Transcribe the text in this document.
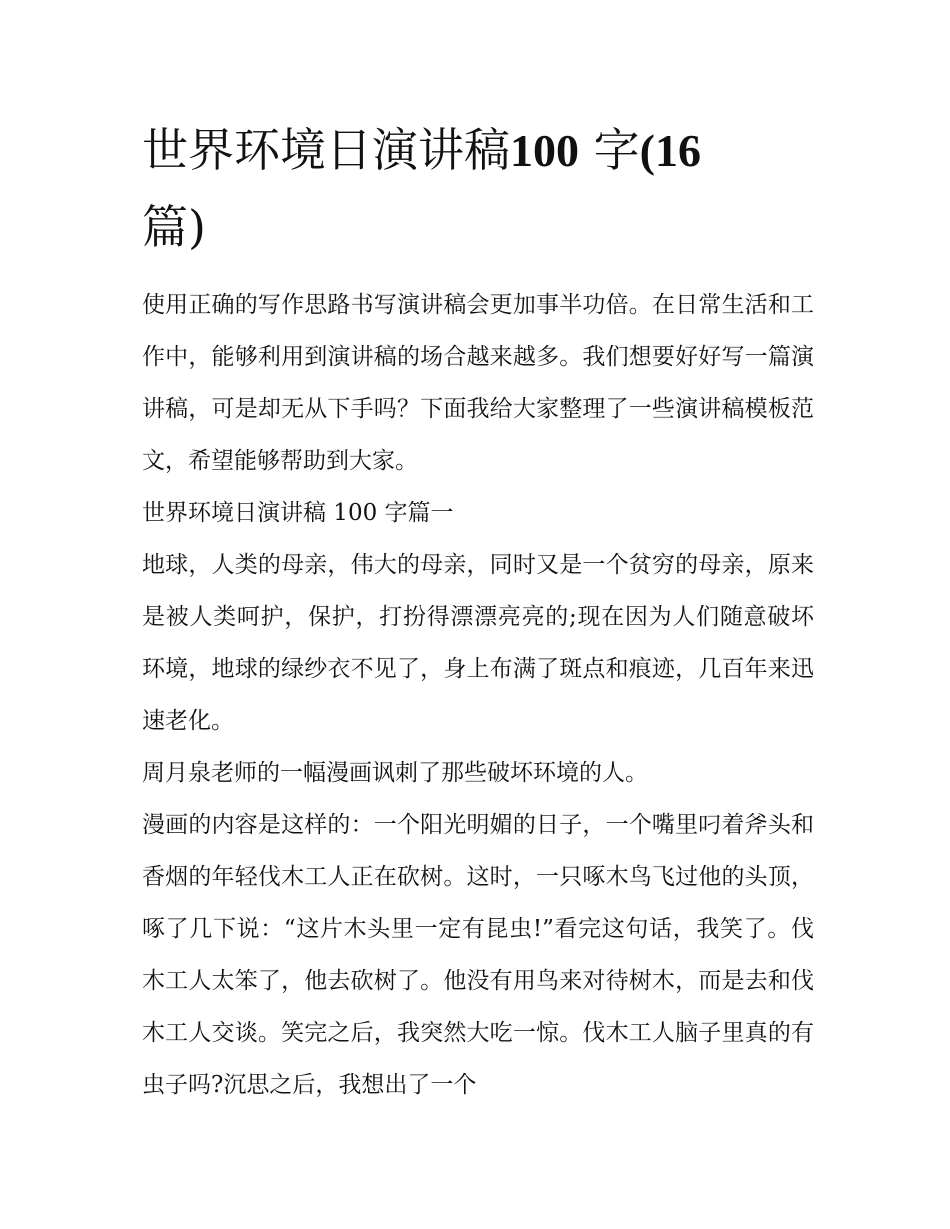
世界环境日演讲稿100 字(16
篇)

使用正确的写作思路书写演讲稿会更加事半功倍。在日常生活和工作中，能够利用到演讲稿的场合越来越多。我们想要好好写一篇演讲稿，可是却无从下手吗？下面我给大家整理了一些演讲稿模板范文，希望能够帮助到大家。

世界环境日演讲稿 100 字篇一

地球，人类的母亲，伟大的母亲，同时又是一个贫穷的母亲，原来是被人类呵护，保护，打扮得漂漂亮亮的;现在因为人们随意破坏环境，地球的绿纱衣不见了，身上布满了斑点和痕迹，几百年来迅速老化。

周月泉老师的一幅漫画讽刺了那些破坏环境的人。

漫画的内容是这样的：一个阳光明媚的日子，一个嘴里叼着斧头和香烟的年轻伐木工人正在砍树。这时，一只啄木鸟飞过他的头顶，啄了几下说：“这片木头里一定有昆虫!”看完这句话，我笑了。伐木工人太笨了，他去砍树了。他没有用鸟来对待树木，而是去和伐木工人交谈。笑完之后，我突然大吃一惊。伐木工人脑子里真的有虫子吗?沉思之后，我想出了一个
